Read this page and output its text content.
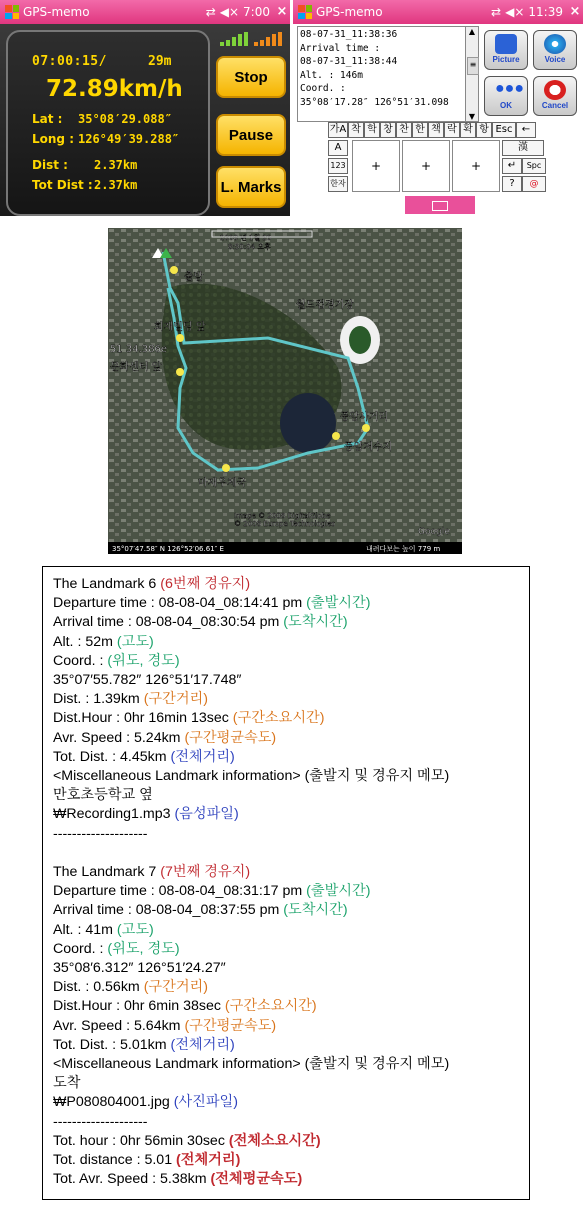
GPS-memo	⇄ ◀× 7:00 ×
07:00:15/	29m
72.89km/h
Lat : 35°08′29.088″
Long : 126°49′39.288″
Dist : 2.37km
Tot Dist :2.37km
Stop
Pause
L. Marks
GPS-memo	⇄ ◀× 11:39 ×
08-07-31_11:38:36
Arrival time :
08-07-31_11:38:44
Alt. : 146m
Coord. :
35°08′17.28″ 126°51′31.098
▲
≡
▼
Picture	Voice
●●●
OK	Cancel
가A 착 학 창 찬 한 책 락 확 항 Esc ←
A
123
한자
+	+	+
漢
↵	Spc
?	@
출발
월드컵경기장
회재빌딩 앞
51 34.386e
문화센터 앞
풍암사거리
풍암저수지
마재우체국
2008 년 1월 20
8:50:04 오후
Image © 2008 DigitalGlobe
© 2008 Europa Technologies
Google
35°07′47.58″ N 126°52′06.61″ E	내려다보는 높이 779 m
The Landmark 6 (6번째 경유지)
Departure time : 08-08-04_08:14:41 pm (출발시간)
Arrival time : 08-08-04_08:30:54 pm (도착시간)
Alt. : 52m (고도)
Coord. : (위도, 경도)
35°07′55.782″ 126°51′17.748″
Dist. : 1.39km (구간거리)
Dist.Hour : 0hr 16min 13sec (구간소요시간)
Avr. Speed : 5.24km (구간평균속도)
Tot. Dist. : 4.45km (전체거리)
<Miscellaneous Landmark information> (출발지 및 경유지 메모)
만호초등학교 옆
₩Recording1.mp3 (음성파일)
--------------------
The Landmark 7 (7번째 경유지)
Departure time : 08-08-04_08:31:17 pm (출발시간)
Arrival time : 08-08-04_08:37:55 pm (도착시간)
Alt. : 41m (고도)
Coord. : (위도, 경도)
35°08′6.312″ 126°51′24.27″
Dist. : 0.56km (구간거리)
Dist.Hour : 0hr 6min 38sec (구간소요시간)
Avr. Speed : 5.64km (구간평균속도)
Tot. Dist. : 5.01km (전체거리)
<Miscellaneous Landmark information> (출발지 및 경유지 메모)
도착
₩P080804001.jpg (사진파일)
--------------------
Tot. hour : 0hr 56min 30sec (전체소요시간)
Tot. distance : 5.01 (전체거리)
Tot. Avr. Speed : 5.38km (전체평균속도)
